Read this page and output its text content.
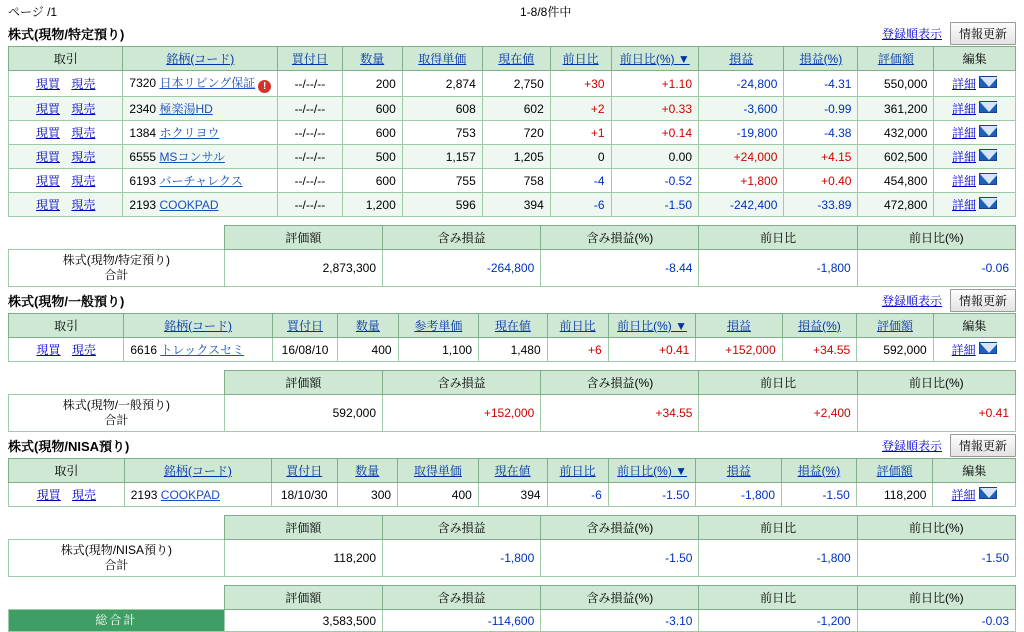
ページ /1	1-8/8件中
株式(現物/特定預り)	登録順表示	情報更新
取引	銘柄(コード)	買付日	数量	取得単価	現在値	前日比	前日比(%) ▼	損益	損益(%)	評価額	編集
現買 現売	7320 日本リビング保証 !	--/--/--	200	2,874	2,750	+30	+1.10	-24,800	-4.31	550,000	詳細
現買 現売	2340 極楽湯HD	--/--/--	600	608	602	+2	+0.33	-3,600	-0.99	361,200	詳細
現買 現売	1384 ホクリヨウ	--/--/--	600	753	720	+1	+0.14	-19,800	-4.38	432,000	詳細
現買 現売	6555 MSコンサル	--/--/--	500	1,157	1,205	0	0.00	+24,000	+4.15	602,500	詳細
現買 現売	6193 バーチャレクス	--/--/--	600	755	758	-4	-0.52	+1,800	+0.40	454,800	詳細
現買 現売	2193 COOKPAD	--/--/--	1,200	596	394	-6	-1.50	-242,400	-33.89	472,800	詳細
	評価額	含み損益	含み損益(%)	前日比	前日比(%)

株式(現物/特定預り)
合計	2,873,300	-264,800	-8.44	-1,800	-0.06
株式(現物/一般預り)	登録順表示	情報更新
取引	銘柄(コード)	買付日	数量	参考単価	現在値	前日比	前日比(%) ▼	損益	損益(%)	評価額	編集
現買 現売	6616 トレックスセミ	16/08/10	400	1,100	1,480	+6	+0.41	+152,000	+34.55	592,000	詳細
	評価額	含み損益	含み損益(%)	前日比	前日比(%)

株式(現物/一般預り)
合計	592,000	+152,000	+34.55	+2,400	+0.41
株式(現物/NISA預り)	登録順表示	情報更新
取引	銘柄(コード)	買付日	数量	取得単価	現在値	前日比	前日比(%) ▼	損益	損益(%)	評価額	編集
現買 現売	2193 COOKPAD	18/10/30	300	400	394	-6	-1.50	-1,800	-1.50	118,200	詳細
	評価額	含み損益	含み損益(%)	前日比	前日比(%)

株式(現物/NISA預り)
合計	118,200	-1,800	-1.50	-1,800	-1.50
	評価額	含み損益	含み損益(%)	前日比	前日比(%)
総合計	3,583,500	-114,600	-3.10	-1,200	-0.03
